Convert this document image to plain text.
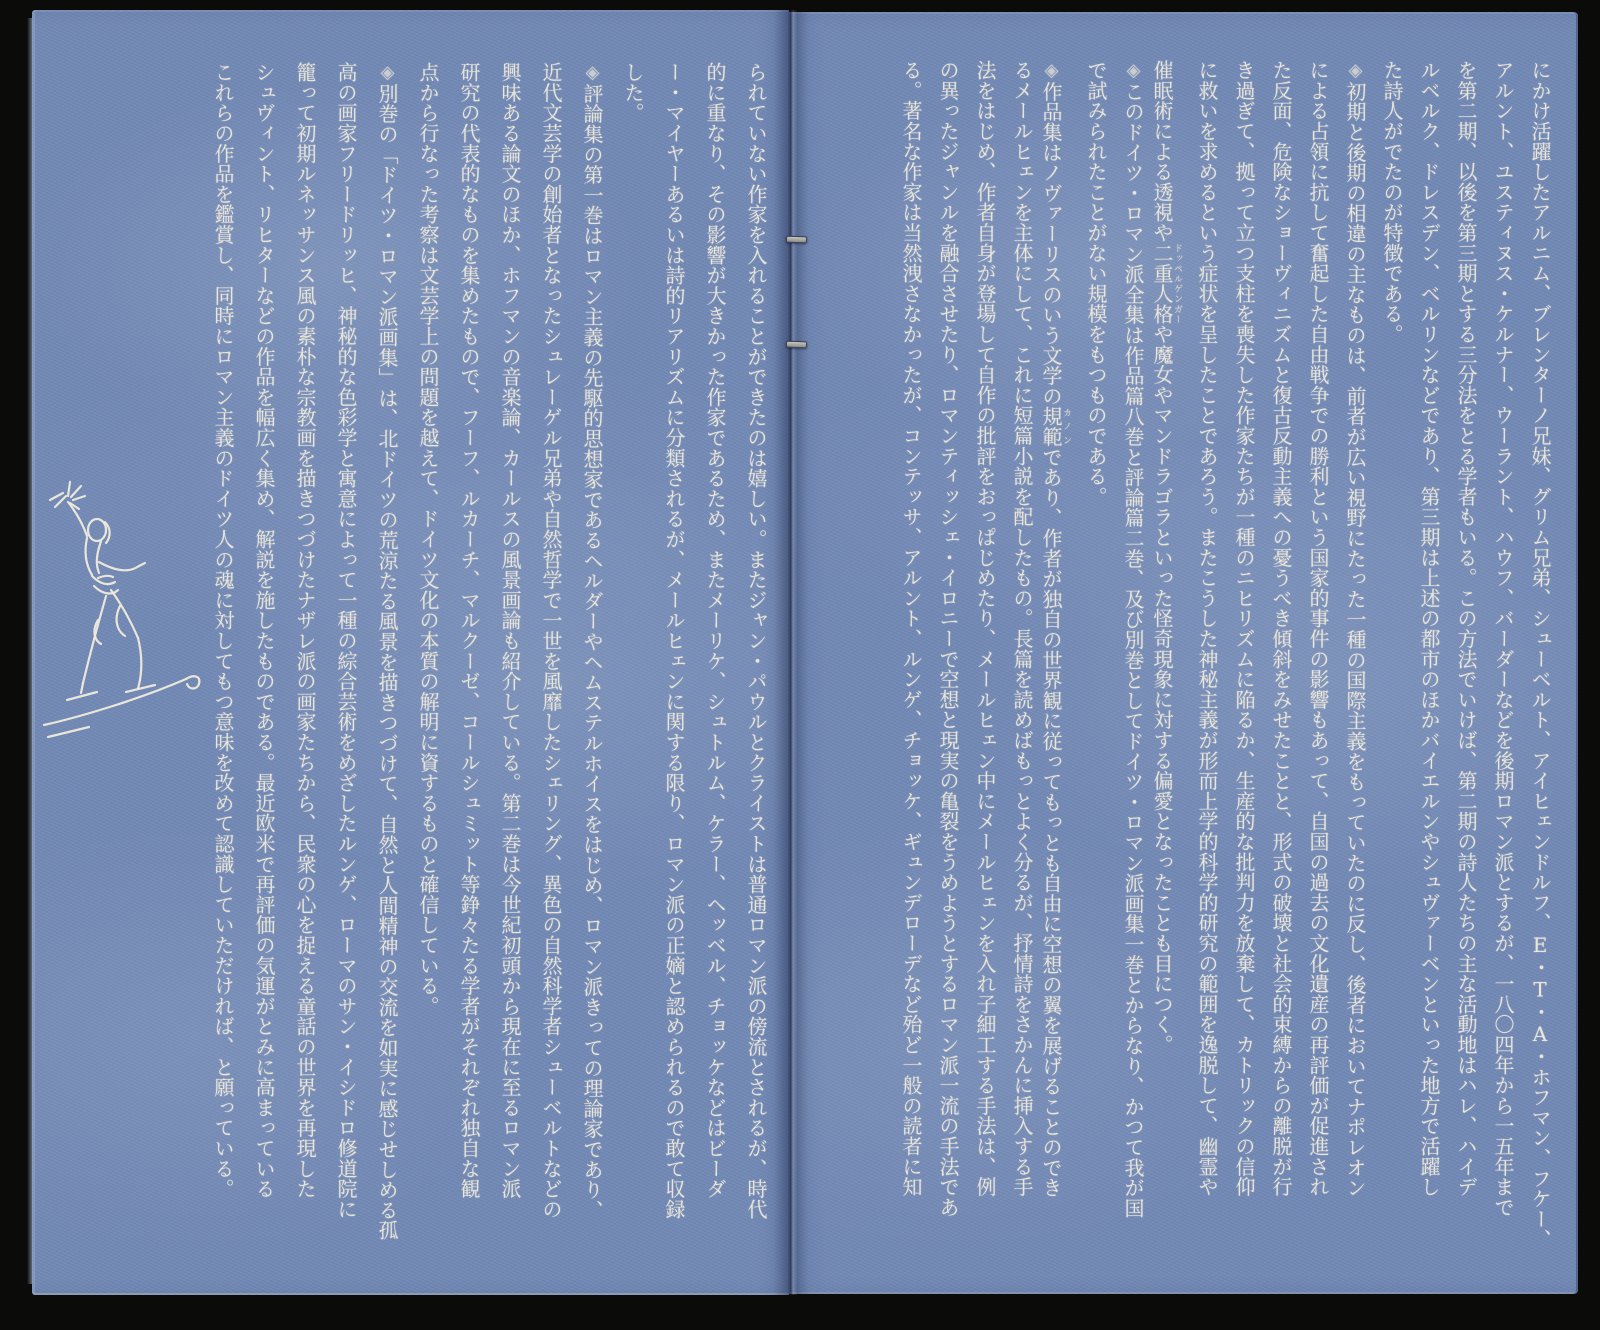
られていない作家を入れることができたのは嬉しい。またジャン・パウルとクライストは普通ロマン派の傍流とされるが、時代
的に重なり、その影響が大きかった作家であるため、またメーリケ、シュトルム、ケラー、ヘッベル、チョッケなどはビーダ
ー・マイヤーあるいは詩的リアリズムに分類されるが、メールヒェンに関する限り、ロマン派の正嫡と認められるので敢て収録
した。
◈評論集の第一巻はロマン主義の先駆的思想家であるヘルダーやヘムステルホイスをはじめ、ロマン派きっての理論家であり、
近代文芸学の創始者となったシュレーゲル兄弟や自然哲学で一世を風靡したシェリング、異色の自然科学者シューベルトなどの
興味ある論文のほか、ホフマンの音楽論、カールスの風景画論も紹介している。第二巻は今世紀初頭から現在に至るロマン派
研究の代表的なものを集めたもので、フーフ、ルカーチ、マルクーゼ、コールシュミット等錚々たる学者がそれぞれ独自な観
点から行なった考察は文芸学上の問題を越えて、ドイツ文化の本質の解明に資するものと確信している。
◈別巻の「ドイツ・ロマン派画集」は、北ドイツの荒涼たる風景を描きつづけて、自然と人間精神の交流を如実に感じせしめる孤
高の画家フリードリッヒ、神秘的な色彩学と寓意によって一種の綜合芸術をめざしたルンゲ、ローマのサン・イシドロ修道院に
籠って初期ルネッサンス風の素朴な宗教画を描きつづけたナザレ派の画家たちから、民衆の心を捉える童話の世界を再現した
シュヴィント、リヒターなどの作品を幅広く集め、解説を施したものである。最近欧米で再評価の気運がとみに高まっている
これらの作品を鑑賞し、同時にロマン主義のドイツ人の魂に対してもつ意味を改めて認識していただければ、と願っている。	にかけ活躍したアルニム、ブレンターノ兄妹、グリム兄弟、シューベルト、アイヒェンドルフ、E・T・A・ホフマン、フケー、
アルント、ユスティヌス・ケルナー、ウーラント、ハウフ、バーダーなどを後期ロマン派とするが、一八〇四年から一五年まで
を第二期、以後を第三期とする三分法をとる学者もいる。この方法でいけば、第二期の詩人たちの主な活動地はハレ、ハイデ
ルベルク、ドレスデン、ベルリンなどであり、第三期は上述の都市のほかバイエルンやシュヴァーベンといった地方で活躍し
た詩人がでたのが特徴である。
◈初期と後期の相違の主なものは、前者が広い視野にたった一種の国際主義をもっていたのに反し、後者においてナポレオン
による占領に抗して奮起した自由戦争での勝利という国家的事件の影響もあって、自国の過去の文化遺産の再評価が促進され
た反面、危険なショーヴィニズムと復古反動主義への憂うべき傾斜をみせたことと、形式の破壊と社会的束縛からの離脱が行
き過ぎて、拠って立つ支柱を喪失した作家たちが一種のニヒリズムに陥るか、生産的な批判力を放棄して、カトリックの信仰
に救いを求めるという症状を呈したことであろう。またこうした神秘主義が形而上学的科学的研究の範囲を逸脱して、幽霊や
催眠術による透視や二重人格ドッペルゲンガーや魔女やマンドラゴラといった怪奇現象に対する偏愛となったことも目につく。
◈このドイツ・ロマン派全集は作品篇八巻と評論篇二巻、及び別巻としてドイツ・ロマン派画集一巻とからなり、かつて我が国
で試みられたことがない規模をもつものである。
◈作品集はノヴァーリスのいう文学の規範カノンであり、作者が独自の世界観に従ってもっとも自由に空想の翼を展げることのでき
るメールヒェンを主体にして、これに短篇小説を配したもの。長篇を読めばもっとよく分るが、抒情詩をさかんに挿入する手
法をはじめ、作者自身が登場して自作の批評をおっぱじめたり、メールヒェン中にメールヒェンを入れ子細工する手法は、例
の異ったジャンルを融合させたり、ロマンティッシェ・イロニーで空想と現実の亀裂をうめようとするロマン派一流の手法であ
る。著名な作家は当然洩さなかったが、コンテッサ、アルント、ルンゲ、チョッケ、ギュンデローデなど殆ど一般の読者に知
